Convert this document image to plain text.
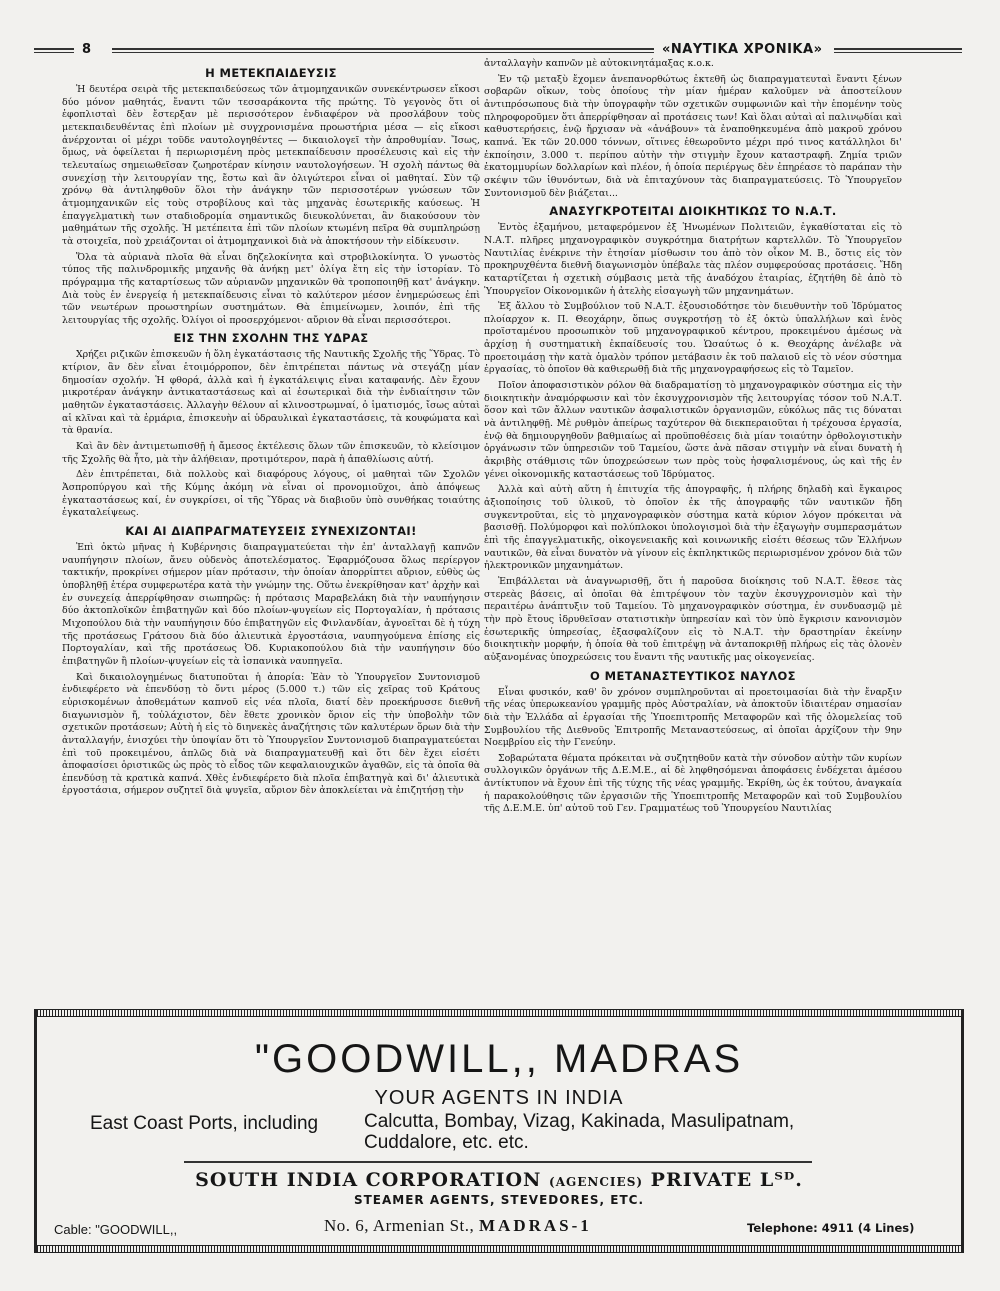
8	«ΝΑΥΤΙΚΑ ΧΡΟΝΙΚΑ»
Η ΜΕΤΕΚΠΑΙΔΕΥΣΙΣ

Ἡ δευτέρα σειρὰ τῆς μετεκπαιδεύσεως τῶν ἀτμομηχανικῶν συνεκέντρωσεν εἴκοσι δύο μόνον μαθητάς, ἔναντι τῶν τεσσαράκοντα τῆς πρώτης. Τὸ γεγονὸς ὅτι οἱ ἐφοπλισταὶ δὲν ἔστερξαν μὲ περισσότερον ἐνδιαφέρον νὰ προσλάβουν τοὺς μετεκπαιδευθέντας ἐπὶ πλοίων μὲ συγχρονισμένα προωστήρια μέσα — εἰς εἴκοσι ἀνέρχονται οἱ μέχρι τοῦδε ναυτολογηθέντες — δικαιολογεῖ τὴν ἀπροθυμίαν. Ἴσως, ὅμως, νὰ ὀφείλεται ἡ περιωρισμένη πρὸς μετεκπαίδευσιν προσέλευσις καὶ εἰς τὴν τελευταίως σημειωθεῖσαν ζωηροτέραν κίνησιν ναυτολογήσεων. Ἡ σχολὴ πάντως θὰ συνεχίσῃ τὴν λειτουργίαν της, ἔστω καὶ ἂν ὀλιγώτεροι εἶναι οἱ μαθηταί. Σὺν τῷ χρόνῳ θὰ ἀντιληφθοῦν ὅλοι τὴν ἀνάγκην τῶν περισσοτέρων γνώσεων τῶν ἀτμομηχανικῶν εἰς τοὺς στροβίλους καὶ τὰς μηχανὰς ἐσωτερικῆς καύσεως. Ἡ ἐπαγγελματικὴ των σταδιοδρομία σημαντικῶς διευκολύνεται, ἂν διακούσουν τὸν μαθημάτων τῆς σχολῆς. Ἡ μετέπειτα ἐπὶ τῶν πλοίων κτωμένη πεῖρα θὰ συμπληρώσῃ τὰ στοιχεῖα, ποὺ χρειάζονται οἱ ἀτμομηχανικοὶ διὰ νὰ ἀποκτήσουν τὴν εἰδίκευσιν.

Ὅλα τὰ αὐριανὰ πλοῖα θὰ εἶναι δηζελοκίνητα καὶ στροβιλοκίνητα. Ὁ γνωστὸς τύπος τῆς παλινδρομικῆς μηχανῆς θὰ ἀνήκῃ μετ' ὀλίγα ἔτη εἰς τὴν ἱστορίαν. Τὸ πρόγραμμα τῆς καταρτίσεως τῶν αὐριανῶν μηχανικῶν θὰ τροποποιηθῇ κατ' ἀνάγκην. Διὰ τοὺς ἐν ἐνεργείᾳ ἡ μετεκπαίδευσις εἶναι τὸ καλύτερον μέσον ἐνημερώσεως ἐπὶ τῶν νεωτέρων προωστηρίων συστημάτων. Θὰ ἐπιμείνωμεν, λοιπόν, ἐπὶ τῆς λειτουργίας τῆς σχολῆς. Ὀλίγοι οἱ προσερχόμενοι· αὔριον θὰ εἶναι περισσότεροι.

ΕΙΣ ΤΗΝ ΣΧΟΛΗΝ ΤΗΣ ΥΔΡΑΣ

Χρήζει ριζικῶν ἐπισκευῶν ἡ ὅλη ἐγκατάστασις τῆς Ναυτικῆς Σχολῆς τῆς Ὕδρας. Τὸ κτίριον, ἂν δὲν εἶναι ἑτοιμόρροπον, δὲν ἐπιτρέπεται πάντως νὰ στεγάζῃ μίαν δημοσίαν σχολήν. Ἡ φθορά, ἀλλὰ καὶ ἡ ἐγκατάλειψις εἶναι καταφανής. Δὲν ἔχουν μικροτέραν ἀνάγκην ἀντικαταστάσεως καὶ αἱ ἐσωτερικαὶ διὰ τὴν ἐνδιαίτησιν τῶν μαθητῶν ἐγκαταστάσεις. Ἀλλαγὴν θέλουν αἱ κλινοστρωμναί, ὁ ἱματισμός, ἴσως αὐταὶ αἱ κλῖναι καὶ τὰ ἑρμάρια, ἐπισκευὴν αἱ ὑδραυλικαὶ ἐγκαταστάσεις, τὰ κουφώματα καὶ τὰ θρανία.

Καὶ ἂν δὲν ἀντιμετωπισθῇ ἡ ἄμεσος ἐκτέλεσις ὅλων τῶν ἐπισκευῶν, τὸ κλείσιμον τῆς Σχολῆς θὰ ἦτο, μὰ τὴν ἀλήθειαν, προτιμότερον, παρὰ ἡ ἀπαθλίωσις αὐτή.

Δὲν ἐπιτρέπεται, διὰ πολλοὺς καὶ διαφόρους λόγους, οἱ μαθηταὶ τῶν Σχολῶν Ἀσπροπύργου καὶ τῆς Κύμης ἀκόμη νὰ εἶναι οἱ προνομιοῦχοι, ἀπὸ ἀπόψεως ἐγκαταστάσεως καί, ἐν συγκρίσει, οἱ τῆς Ὕδρας νὰ διαβιοῦν ὑπὸ συνθήκας τοιαύτης ἐγκαταλείψεως.

ΚΑΙ ΑΙ ΔΙΑΠΡΑΓΜΑΤΕΥΣΕΙΣ ΣΥΝΕΧΙΖΟΝΤΑΙ!

Ἐπὶ ὀκτὼ μῆνας ἡ Κυβέρνησις διαπραγματεύεται τὴν ἐπ' ἀνταλλαγῇ καπνῶν ναυπήγησιν πλοίων, ἄνευ οὐδενὸς ἀποτελέσματος. Ἐφαρμόζουσα ὅλως περίεργον τακτικήν, προκρίνει σήμερον μίαν πρότασιν, τὴν ὁποίαν ἀπορρίπτει αὔριον, εὐθὺς ὡς ὑποβληθῇ ἑτέρα συμφερωτέρα κατὰ τὴν γνώμην της. Οὕτω ἐνεκρίθησαν κατ' ἀρχὴν καὶ ἐν συνεχείᾳ ἀπερρίφθησαν σιωπηρῶς: ἡ πρότασις Μαραβελάκη διὰ τὴν ναυπήγησιν δύο ἀκτοπλοϊκῶν ἐπιβατηγῶν καὶ δύο πλοίων-ψυγείων εἰς Πορτογαλίαν, ἡ πρότασις Μιχοπούλου διὰ τὴν ναυπήγησιν δύο ἐπιβατηγῶν εἰς Φινλανδίαν, ἀγνοεῖται δὲ ἡ τύχη τῆς προτάσεως Γράτσου διὰ δύο ἁλιευτικὰ ἐργοστάσια, ναυπηγούμενα ἐπίσης εἰς Πορτογαλίαν, καὶ τῆς προτάσεως Ὀδ. Κυριακοπούλου διὰ τὴν ναυπήγησιν δύο ἐπιβατηγῶν ἢ πλοίων-ψυγείων εἰς τὰ ἰσπανικὰ ναυπηγεῖα.

Καὶ δικαιολογημένως διατυποῦται ἡ ἀπορία: Ἐὰν τὸ Ὑπουργεῖον Συντονισμοῦ ἐνδιεφέρετο νὰ ἐπενδύσῃ τὸ ὄντι μέρος (5.000 τ.) τῶν εἰς χεῖρας τοῦ Κράτους εὑρισκομένων ἀποθεμάτων καπνοῦ εἰς νέα πλοῖα, διατί δὲν προεκήρυσσε διεθνῆ διαγωνισμὸν ἤ, τοὐλάχιστον, δὲν ἔθετε χρονικὸν ὅριον εἰς τὴν ὑποβολὴν τῶν σχετικῶν προτάσεων; Αὐτὴ ἡ εἰς τὸ διηνεκὲς ἀναζήτησις τῶν καλυτέρων ὅρων διὰ τὴν ἀνταλλαγήν, ἐνισχύει τὴν ὑποψίαν ὅτι τὸ Ὑπουργεῖον Συντονισμοῦ διαπραγματεύεται ἐπὶ τοῦ προκειμένου, ἁπλῶς διὰ νὰ διαπραγματευθῇ καὶ ὅτι δὲν ἔχει εἰσέτι ἀποφασίσει ὁριστικῶς ὡς πρὸς τὸ εἶδος τῶν κεφαλαιουχικῶν ἀγαθῶν, εἰς τὰ ὁποῖα θὰ ἐπενδύσῃ τὰ κρατικὰ καπνά. Χθὲς ἐνδιεφέρετο διὰ πλοῖα ἐπιβατηγὰ καὶ δι' ἁλιευτικὰ ἐργοστάσια, σήμερον συζητεῖ διὰ ψυγεῖα, αὔριον δὲν ἀποκλείεται νὰ ἐπιζητήσῃ τὴν

ἀνταλλαγὴν καπνῶν μὲ αὐτοκινητάμαξας κ.ο.κ.

Ἐν τῷ μεταξὺ ἔχομεν ἀνεπανορθώτως ἐκτεθῆ ὡς διαπραγματευταὶ ἔναντι ξένων σοβαρῶν οἴκων, τοὺς ὁποίους τὴν μίαν ἡμέραν καλοῦμεν νὰ ἀποστείλουν ἀντιπρόσωπους διὰ τὴν ὑπογραφὴν τῶν σχετικῶν συμφωνιῶν καὶ τὴν ἑπομένην τοὺς πληροφοροῦμεν ὅτι ἀπερρίφθησαν αἱ προτάσεις των! Καὶ ὅλαι αὐταὶ αἱ παλινῳδίαι καὶ καθυστερήσεις, ἐνῷ ἤρχισαν νὰ «ἀνάβουν» τὰ ἐναποθηκευμένα ἀπὸ μακροῦ χρόνου καπνά. Ἐκ τῶν 20.000 τόννων, οἵτινες ἐθεωροῦντο μέχρι πρό τινος κατάλληλοι δι' ἐκποίησιν, 3.000 τ. περίπου αὐτὴν τὴν στιγμὴν ἔχουν καταστραφῆ. Ζημία τριῶν ἑκατομμυρίων δολλαρίων καὶ πλέον, ἡ ὁποία περιέργως δὲν ἐπηρέασε τὸ παράπαν τὴν σκέψιν τῶν ἰθυνόντων, διὰ νὰ ἐπιταχύνουν τὰς διαπραγματεύσεις. Τὸ Ὑπουργεῖον Συντονισμοῦ δὲν βιάζεται...

ΑΝΑΣΥΓΚΡΟΤΕΙΤΑΙ ΔΙΟΙΚΗΤΙΚΩΣ ΤΟ Ν.Α.Τ.

Ἐντὸς ἑξαμήνου, μεταφερόμενον ἐξ Ἡνωμένων Πολιτειῶν, ἐγκαθίσταται εἰς τὸ Ν.Α.Τ. πλῆρες μηχανογραφικὸν συγκρότημα διατρήτων καρτελλῶν. Τὸ Ὑπουργεῖον Ναυτιλίας ἐνέκρινε τὴν ἐτησίαν μίσθωσιν του ἀπὸ τὸν οἶκον Μ. Β., ὅστις εἰς τὸν προκηρυχθέντα διεθνῆ διαγωνισμὸν ὑπέβαλε τὰς πλέον συμφερούσας προτάσεις. Ἤδη καταρτίζεται ἡ σχετικὴ σύμβασις μετὰ τῆς ἀναδόχου ἑταιρίας, ἐζητήθη δὲ ἀπὸ τὸ Ὑπουργεῖον Οἰκονομικῶν ἡ ἀτελὴς εἰσαγωγὴ τῶν μηχανημάτων.

Ἐξ ἄλλου τὸ Συμβούλιον τοῦ Ν.Α.Τ. ἐξουσιοδότησε τὸν διευθυντὴν τοῦ Ἱδρύματος πλοίαρχον κ. Π. Θεοχάρην, ὅπως συγκροτήσῃ τὸ ἐξ ὀκτὼ ὑπαλλήλων καὶ ἑνὸς προϊσταμένου προσωπικὸν τοῦ μηχανογραφικοῦ κέντρου, προκειμένου ἀμέσως νὰ ἀρχίσῃ ἡ συστηματικὴ ἐκπαίδευσίς του. Ὡσαύτως ὁ κ. Θεοχάρης ἀνέλαβε νὰ προετοιμάσῃ τὴν κατὰ ὁμαλὸν τρόπον μετάβασιν ἐκ τοῦ παλαιοῦ εἰς τὸ νέον σύστημα ἐργασίας, τὸ ὁποῖον θὰ καθιερωθῇ διὰ τῆς μηχανογραφήσεως εἰς τὸ Ταμεῖον.

Ποῖον ἀποφασιστικὸν ρόλον θὰ διαδραματίσῃ τὸ μηχανογραφικὸν σύστημα εἰς τὴν διοικητικὴν ἀναμόρφωσιν καὶ τὸν ἐκσυγχρονισμὸν τῆς λειτουργίας τόσον τοῦ Ν.Α.Τ. ὅσον καὶ τῶν ἄλλων ναυτικῶν ἀσφαλιστικῶν ὀργανισμῶν, εὐκόλως πᾶς τις δύναται νὰ ἀντιληφθῇ. Μὲ ρυθμὸν ἀπείρως ταχύτερον θὰ διεκπεραιοῦται ἡ τρέχουσα ἐργασία, ἐνῷ θὰ δημιουργηθοῦν βαθμιαίως αἱ προϋποθέσεις διὰ μίαν τοιαύτην ὀρθολογιστικὴν ὀργάνωσιν τῶν ὑπηρεσιῶν τοῦ Ταμείου, ὥστε ἀνὰ πᾶσαν στιγμὴν νὰ εἶναι δυνατὴ ἡ ἀκριβὴς στάθμισις τῶν ὑποχρεώσεων των πρὸς τοὺς ἠσφαλισμένους, ὡς καὶ τῆς ἐν γένει οἰκονομικῆς καταστάσεως τοῦ Ἱδρύματος.

Ἀλλὰ καὶ αὐτὴ αὕτη ἡ ἐπιτυχία τῆς ἀπογραφῆς, ἡ πλήρης δηλαδὴ καὶ ἔγκαιρος ἀξιοποίησις τοῦ ὑλικοῦ, τὸ ὁποῖον ἐκ τῆς ἀπογραφῆς τῶν ναυτικῶν ἤδη συγκεντροῦται, εἰς τὸ μηχανογραφικὸν σύστημα κατὰ κύριον λόγον πρόκειται νὰ βασισθῇ. Πολύμορφοι καὶ πολύπλοκοι ὑπολογισμοὶ διὰ τὴν ἐξαγωγὴν συμπερασμάτων ἐπὶ τῆς ἐπαγγελματικῆς, οἰκογενειακῆς καὶ κοινωνικῆς εἰσέτι θέσεως τῶν Ἑλλήνων ναυτικῶν, θὰ εἶναι δυνατὸν νὰ γίνουν εἰς ἐκπληκτικῶς περιωρισμένον χρόνον διὰ τῶν ἠλεκτρονικῶν μηχανημάτων.

Ἐπιβάλλεται νὰ ἀναγνωρισθῇ, ὅτι ἡ παροῦσα διοίκησις τοῦ Ν.Α.Τ. ἔθεσε τὰς στερεὰς βάσεις, αἱ ὁποῖαι θὰ ἐπιτρέψουν τὸν ταχὺν ἐκσυγχρονισμὸν καὶ τὴν περαιτέρω ἀνάπτυξιν τοῦ Ταμείου. Τὸ μηχανογραφικὸν σύστημα, ἐν συνδυασμῷ μὲ τὴν πρὸ ἔτους ἱδρυθεῖσαν στατιστικὴν ὑπηρεσίαν καὶ τὸν ὑπὸ ἔγκρισιν κανονισμὸν ἐσωτερικῆς ὑπηρεσίας, ἐξασφαλίζουν εἰς τὸ Ν.Α.Τ. τὴν δραστηρίαν ἐκείνην διοικητικὴν μορφήν, ἡ ὁποία θὰ τοῦ ἐπιτρέψῃ νὰ ἀνταποκριθῇ πλήρως εἰς τὰς ὁλονὲν αὐξανομένας ὑποχρεώσεις του ἔναντι τῆς ναυτικῆς μας οἰκογενείας.

Ο ΜΕΤΑΝΑΣΤΕΥΤΙΚΟΣ ΝΑΥΛΟΣ

Εἶναι φυσικόν, καθ' ὃν χρόνον συμπληροῦνται αἱ προετοιμασίαι διὰ τὴν ἔναρξιν τῆς νέας ὑπερωκεανίου γραμμῆς πρὸς Αὐστραλίαν, νὰ ἀποκτοῦν ἰδιαιτέραν σημασίαν διὰ τὴν Ἑλλάδα αἱ ἐργασίαι τῆς Ὑποεπιτροπῆς Μεταφορῶν καὶ τῆς ὁλομελείας τοῦ Συμβουλίου τῆς Διεθνοῦς Ἐπιτροπῆς Μεταναστεύσεως, αἱ ὁποῖαι ἀρχίζουν τὴν 9ην Νοεμβρίου εἰς τὴν Γενεύην.

Σοβαρώτατα θέματα πρόκειται νὰ συζητηθοῦν κατὰ τὴν σύνοδον αὐτὴν τῶν κυρίων συλλογικῶν ὀργάνων τῆς Δ.Ε.Μ.Ε., αἱ δὲ ληφθησόμεναι ἀποφάσεις ἐνδέχεται ἀμέσου ἀντίκτυπον νὰ ἔχουν ἐπὶ τῆς τύχης τῆς νέας γραμμῆς. Ἐκρίθη, ὡς ἐκ τούτου, ἀναγκαία ἡ παρακολούθησις τῶν ἐργασιῶν τῆς Ὑποεπιτροπῆς Μεταφορῶν καὶ τοῦ Συμβουλίου τῆς Δ.Ε.Μ.Ε. ὑπ' αὐτοῦ τοῦ Γεν. Γραμματέως τοῦ Ὑπουργείου Ναυτιλίας

"GOODWILL,, MADRAS
YOUR AGENTS IN INDIA
East Coast Ports, including Calcutta, Bombay, Vizag, Kakinada, Masulipatnam,
Cuddalore, etc. etc.
SOUTH INDIA CORPORATION (AGENCIES) PRIVATE Lᵀᴰ.
STEAMER AGENTS, STEVEDORES, ETC.
Cable: "GOODWILL,,	No. 6, Armenian St., MADRAS-1	Telephone: 4911 (4 Lines)
